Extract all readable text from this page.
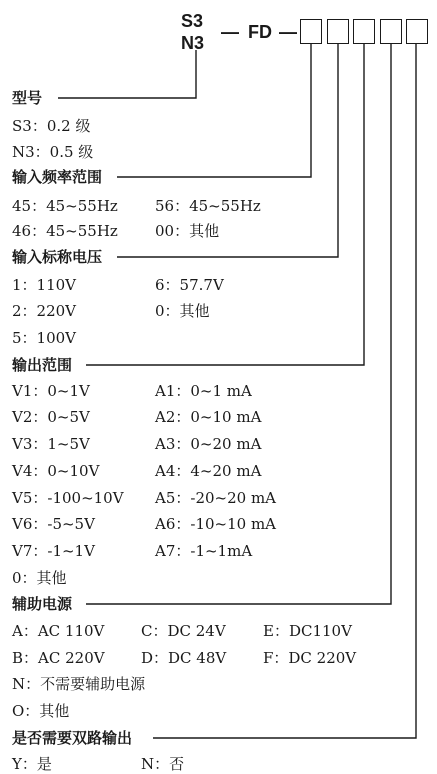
S3
N3
— FD —
型号
S3：0.2 级
N3：0.5 级
输入频率范围
45：45~55Hz 56：45~55Hz
46：45~55Hz 00：其他
输入标称电压
1：110V	6：57.7V
2：220V	0：其他
5：100V
输出范围
V1：0~1V	A1：0~1 mA
V2：0~5V	A2：0~10 mA
V3：1~5V	A3：0~20 mA
V4：0~10V	A4：4~20 mA
V5：-100~10V A5：-20~20 mA
V6：-5~5V	A6：-10~10 mA
V7：-1~1V	A7：-1~1mA
0：其他
辅助电源
A：AC 110V C：DC 24V E：DC110V
B：AC 220V D：DC 48V F：DC 220V
N：不需要辅助电源
O：其他
是否需要双路输出
Y：是	N：否
